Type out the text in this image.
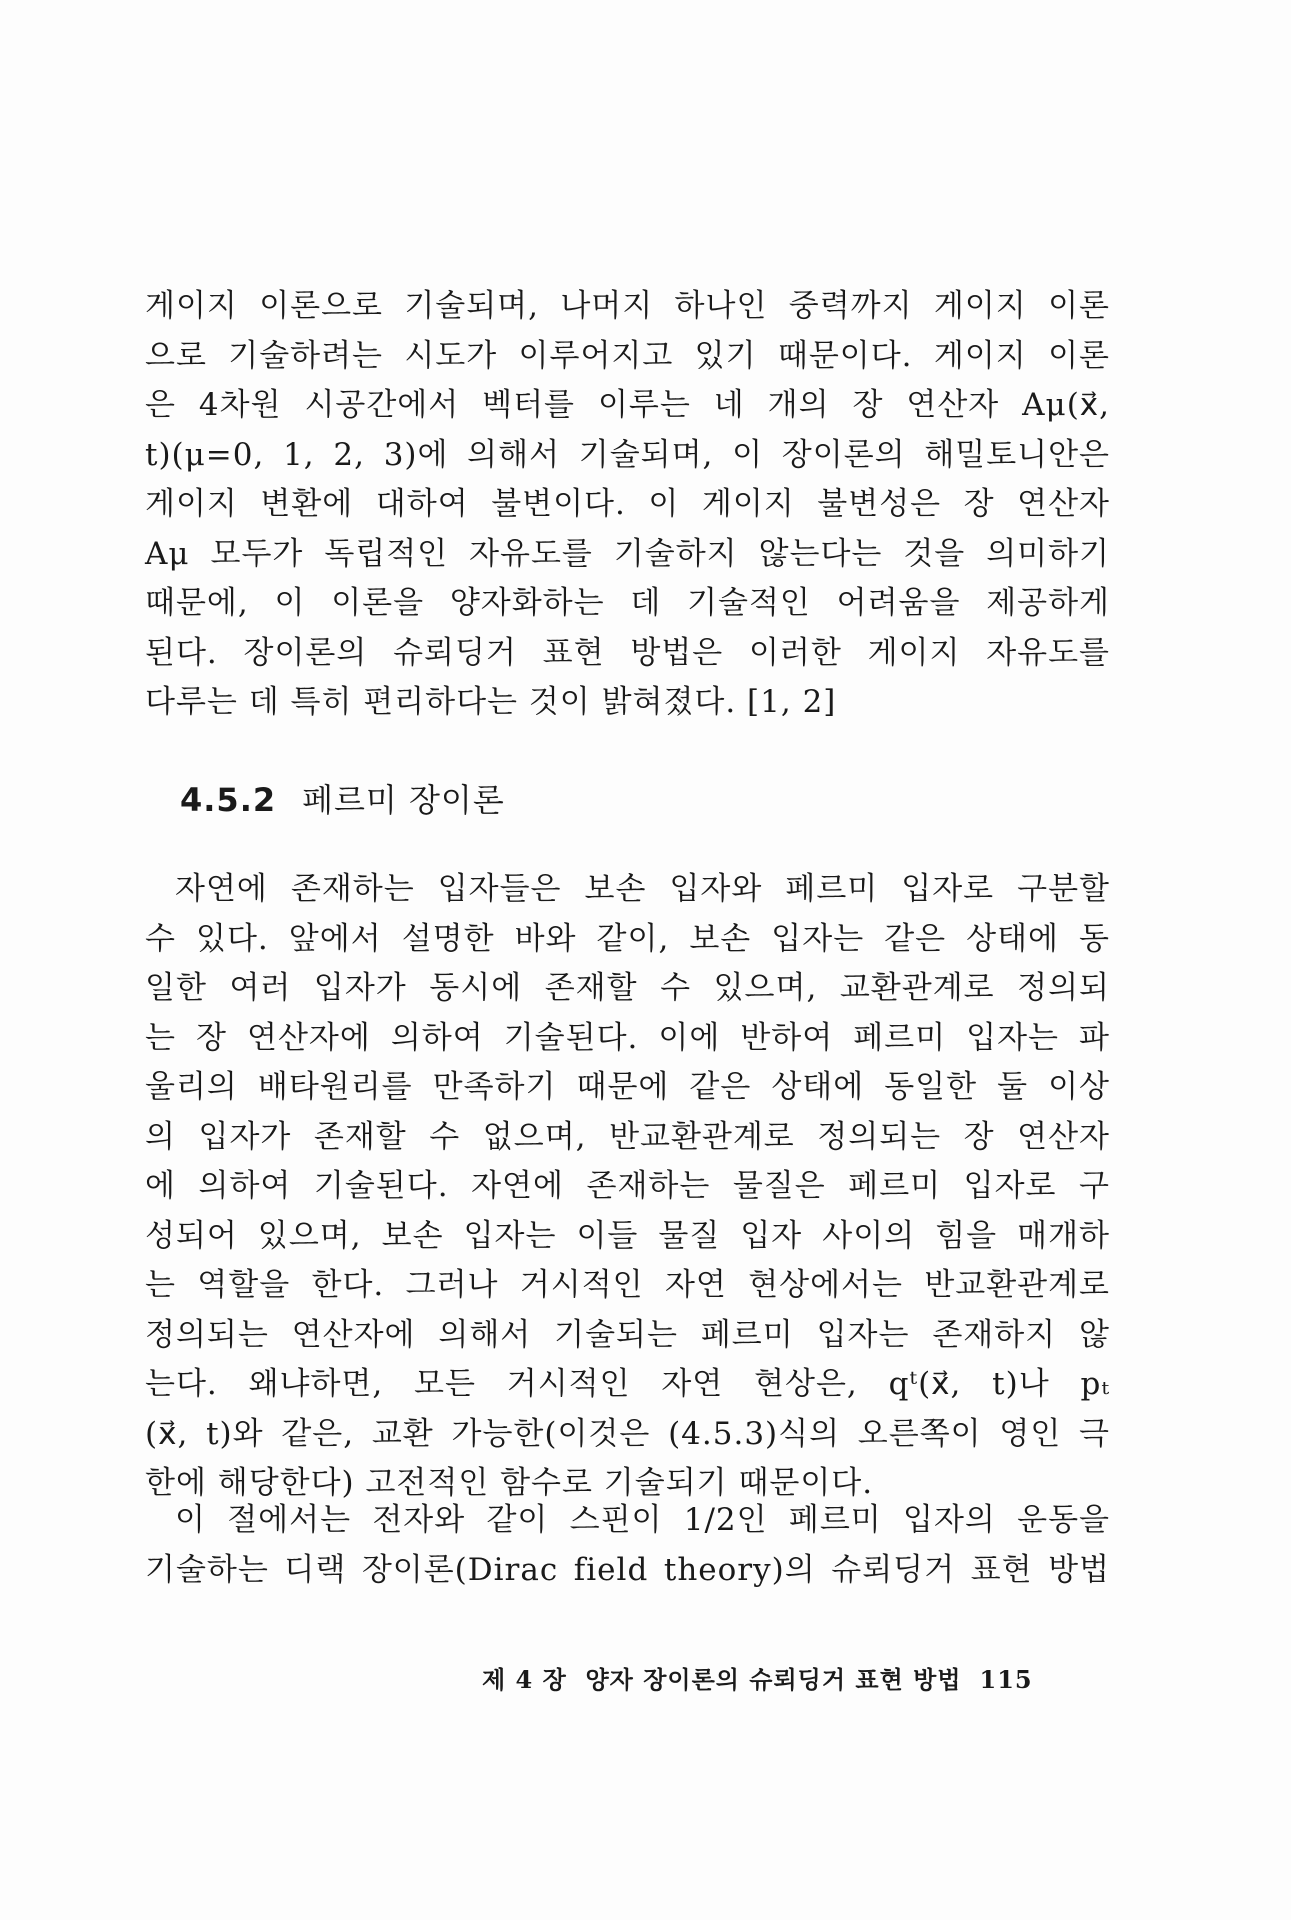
게이지 이론으로 기술되며, 나머지 하나인 중력까지 게이지 이론
으로 기술하려는 시도가 이루어지고 있기 때문이다. 게이지 이론
은 4차원 시공간에서 벡터를 이루는 네 개의 장 연산자 Aμ(x⃗,
t)(μ=0, 1, 2, 3)에 의해서 기술되며, 이 장이론의 해밀토니안은
게이지 변환에 대하여 불변이다. 이 게이지 불변성은 장 연산자
Aμ 모두가 독립적인 자유도를 기술하지 않는다는 것을 의미하기
때문에, 이 이론을 양자화하는 데 기술적인 어려움을 제공하게
된다. 장이론의 슈뢰딩거 표현 방법은 이러한 게이지 자유도를
다루는 데 특히 편리하다는 것이 밝혀졌다. [1, 2]
4.5.2 페르미 장이론
자연에 존재하는 입자들은 보손 입자와 페르미 입자로 구분할
수 있다. 앞에서 설명한 바와 같이, 보손 입자는 같은 상태에 동
일한 여러 입자가 동시에 존재할 수 있으며, 교환관계로 정의되
는 장 연산자에 의하여 기술된다. 이에 반하여 페르미 입자는 파
울리의 배타원리를 만족하기 때문에 같은 상태에 동일한 둘 이상
의 입자가 존재할 수 없으며, 반교환관계로 정의되는 장 연산자
에 의하여 기술된다. 자연에 존재하는 물질은 페르미 입자로 구
성되어 있으며, 보손 입자는 이들 물질 입자 사이의 힘을 매개하
는 역할을 한다. 그러나 거시적인 자연 현상에서는 반교환관계로
정의되는 연산자에 의해서 기술되는 페르미 입자는 존재하지 않
는다. 왜냐하면, 모든 거시적인 자연 현상은, qᵗ(x⃗, t)나 pₜ
(x⃗, t)와 같은, 교환 가능한(이것은 (4.5.3)식의 오른쪽이 영인 극
한에 해당한다) 고전적인 함수로 기술되기 때문이다.
이 절에서는 전자와 같이 스핀이 1/2인 페르미 입자의 운동을
기술하는 디랙 장이론(Dirac field theory)의 슈뢰딩거 표현 방법
제 4 장  양자 장이론의 슈뢰딩거 표현 방법 115
